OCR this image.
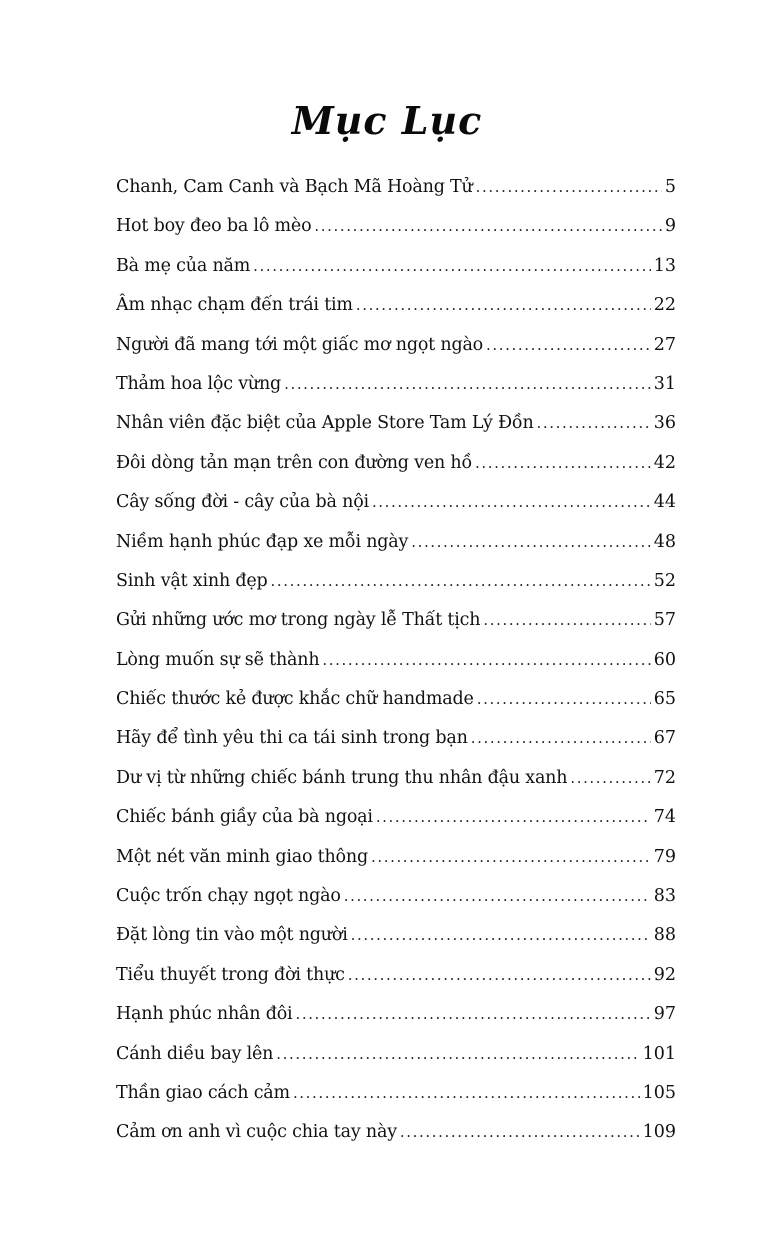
Mục Lục
Chanh, Cam Canh và Bạch Mã Hoàng Tử .....	5
Hot boy đeo ba lô mèo .....	9
Bà mẹ của năm .....	13
Âm nhạc chạm đến trái tim .....	22
Người đã mang tới một giấc mơ ngọt ngào .....	27
Thảm hoa lộc vừng .....	31
Nhân viên đặc biệt của Apple Store Tam Lý Đồn .....	36
Đôi dòng tản mạn trên con đường ven hồ .....	42
Cây sống đời - cây của bà nội .....	44
Niềm hạnh phúc đạp xe mỗi ngày .....	48
Sinh vật xinh đẹp .....	52
Gửi những ước mơ trong ngày lễ Thất tịch .....	57
Lòng muốn sự sẽ thành .....	60
Chiếc thước kẻ được khắc chữ handmade .....	65
Hãy để tình yêu thi ca tái sinh trong bạn .....	67
Dư vị từ những chiếc bánh trung thu nhân đậu xanh .....	72
Chiếc bánh giầy của bà ngoại .....	74
Một nét văn minh giao thông .....	79
Cuộc trốn chạy ngọt ngào .....	83
Đặt lòng tin vào một người .....	88
Tiểu thuyết trong đời thực .....	92
Hạnh phúc nhân đôi .....	97
Cánh diều bay lên .....	101
Thần giao cách cảm .....	105
Cảm ơn anh vì cuộc chia tay này .....	109
